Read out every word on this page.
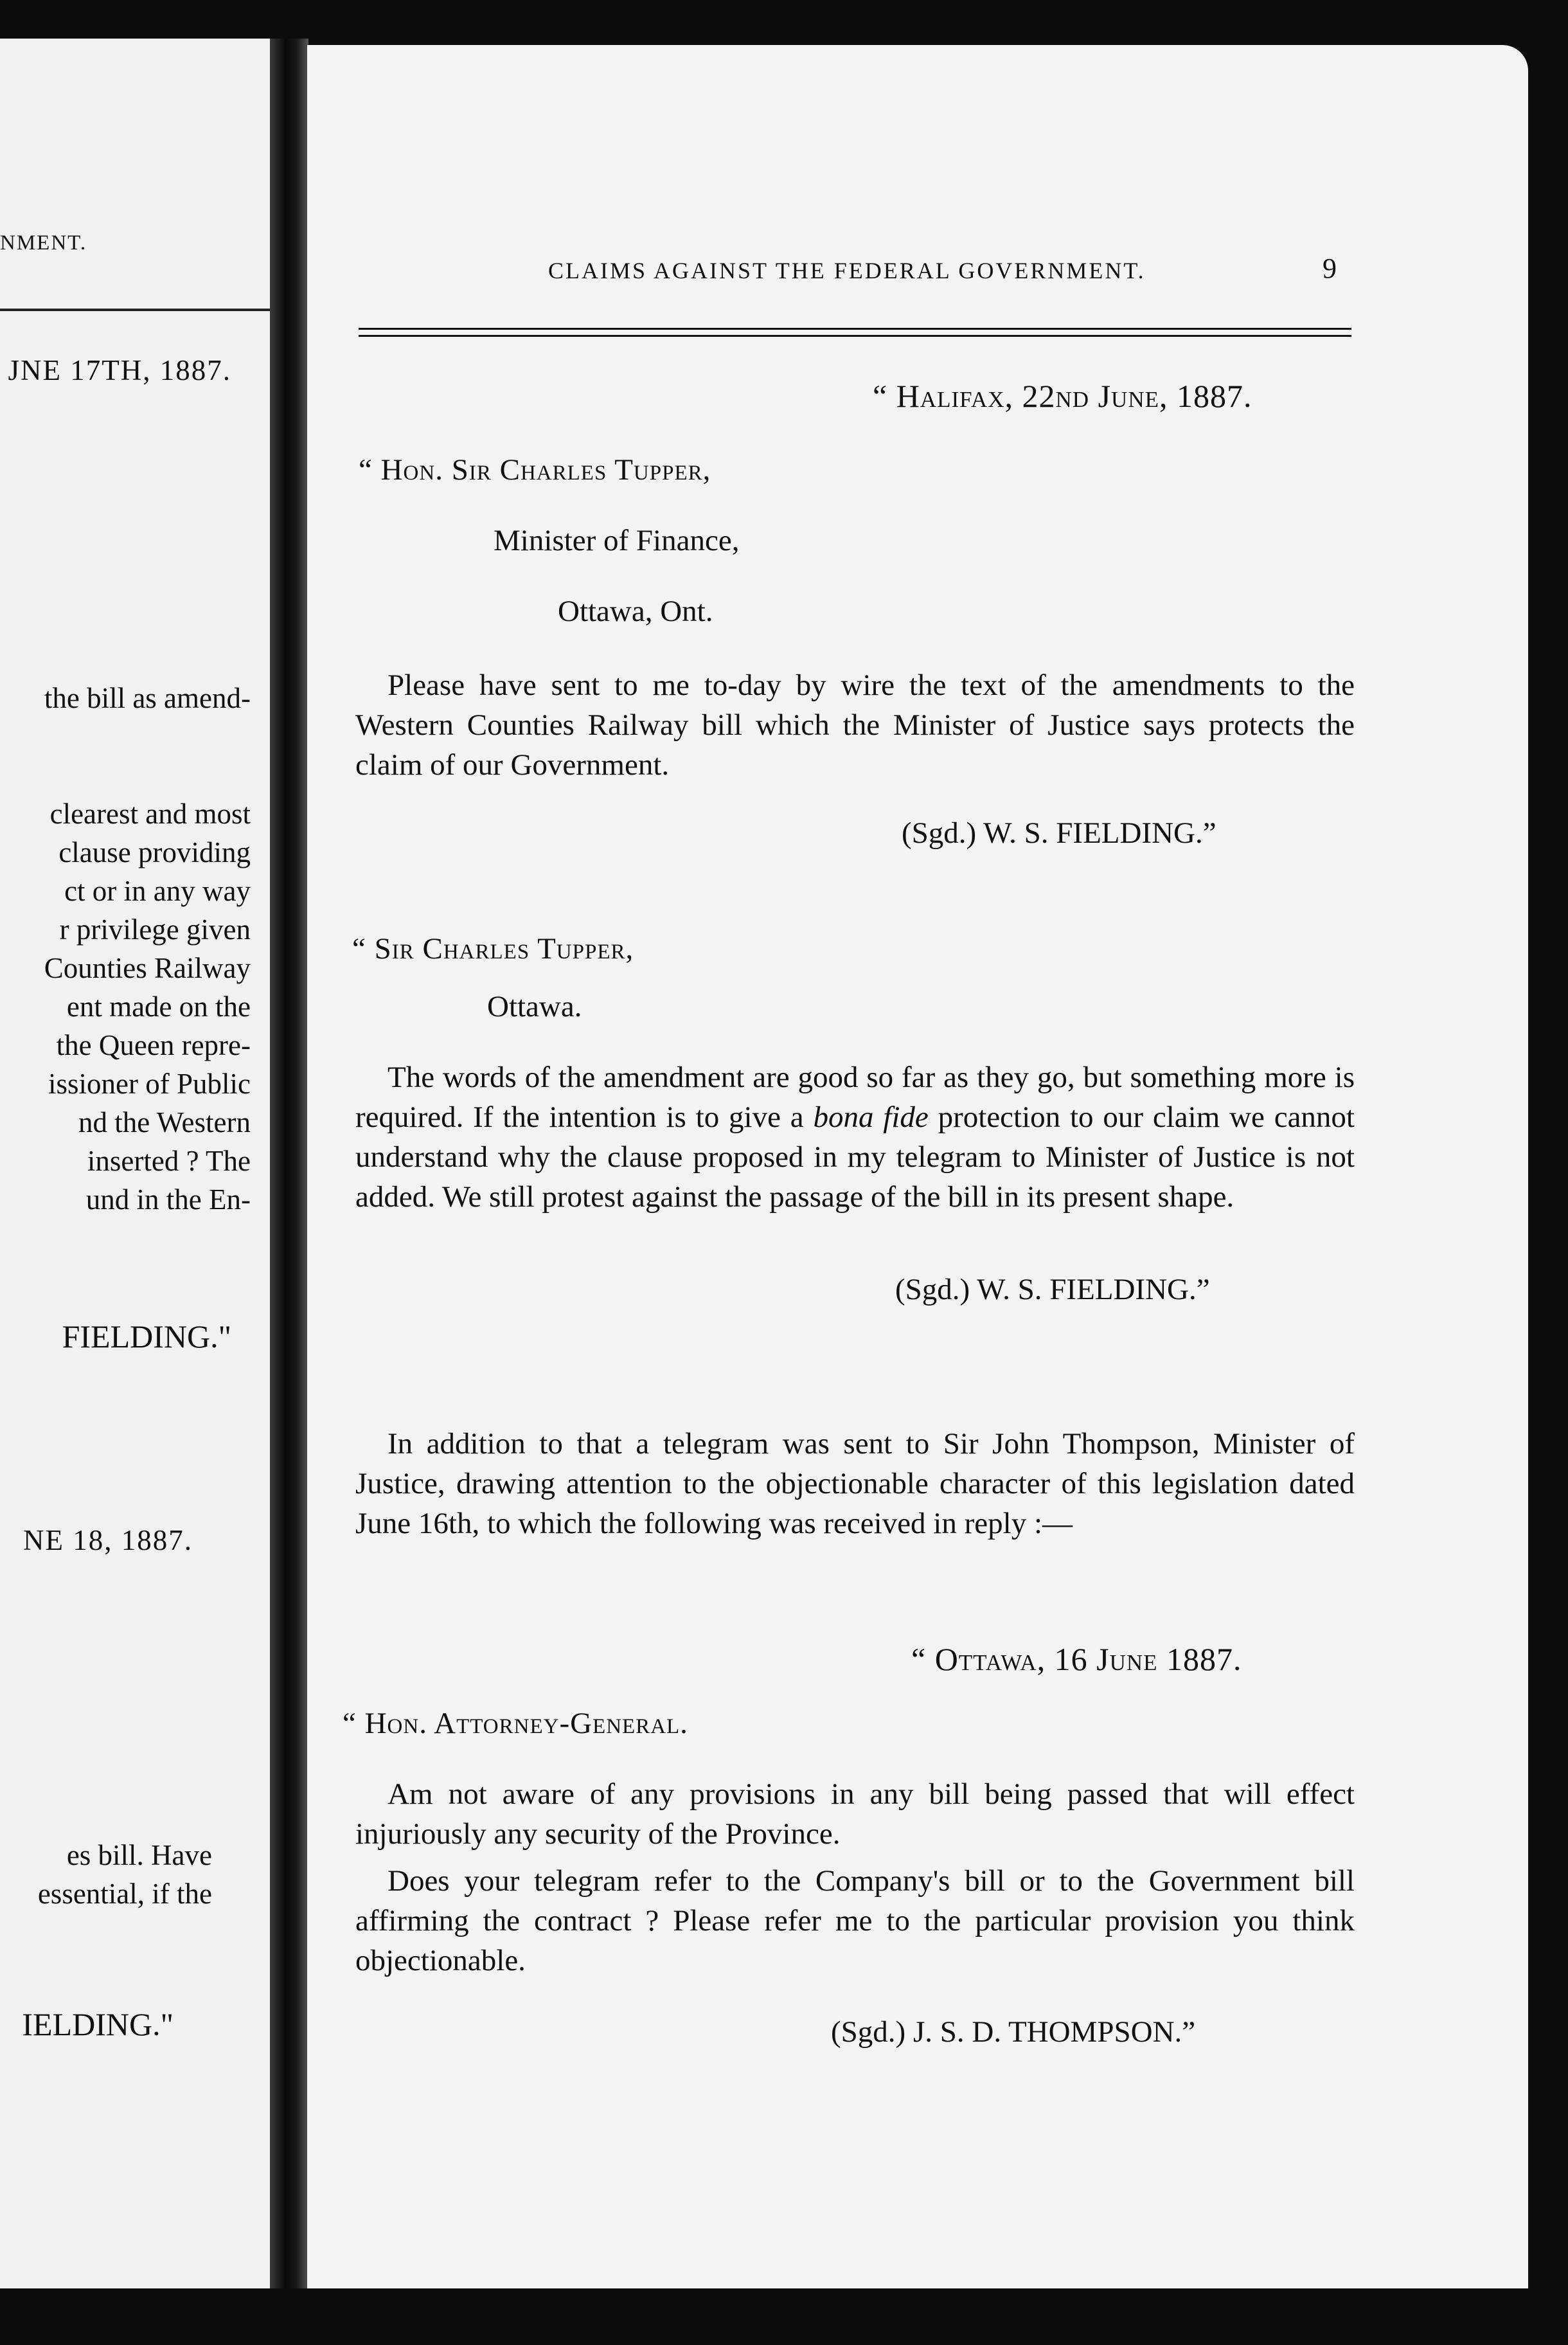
NMENT.
JNE 17TH, 1887.
the bill as amend-
clearest and most
clause providing
ct or in any way
r privilege given
Counties Railway
ent made on the
the Queen repre-
issioner of Public
nd the Western
inserted ? The
und in the En-
FIELDING."
NE 18, 1887.
es bill. Have
essential, if the
IELDING."
CLAIMS AGAINST THE FEDERAL GOVERNMENT.	9
“ Halifax, 22nd June, 1887.
“ Hon. Sir Charles Tupper,
Minister of Finance,
Ottawa, Ont.
Please have sent to me to-day by wire the text of the amendments to the Western Counties Railway bill which the Minister of Justice says protects the claim of our Government.
(Sgd.) W. S. FIELDING.”
“ Sir Charles Tupper,
Ottawa.
The words of the amendment are good so far as they go, but something more is required. If the intention is to give a bona fide protection to our claim we cannot understand why the clause proposed in my telegram to Minister of Justice is not added. We still protest against the passage of the bill in its present shape.
(Sgd.) W. S. FIELDING.”
In addition to that a telegram was sent to Sir John Thompson, Minister of Justice, drawing attention to the objectionable character of this legislation dated June 16th, to which the following was received in reply :—
“ Ottawa, 16 June 1887.
“ Hon. Attorney-General.
Am not aware of any provisions in any bill being passed that will effect injuriously any security of the Province.
Does your telegram refer to the Company's bill or to the Government bill affirming the contract ? Please refer me to the particular provision you think objectionable.
(Sgd.) J. S. D. THOMPSON.”
